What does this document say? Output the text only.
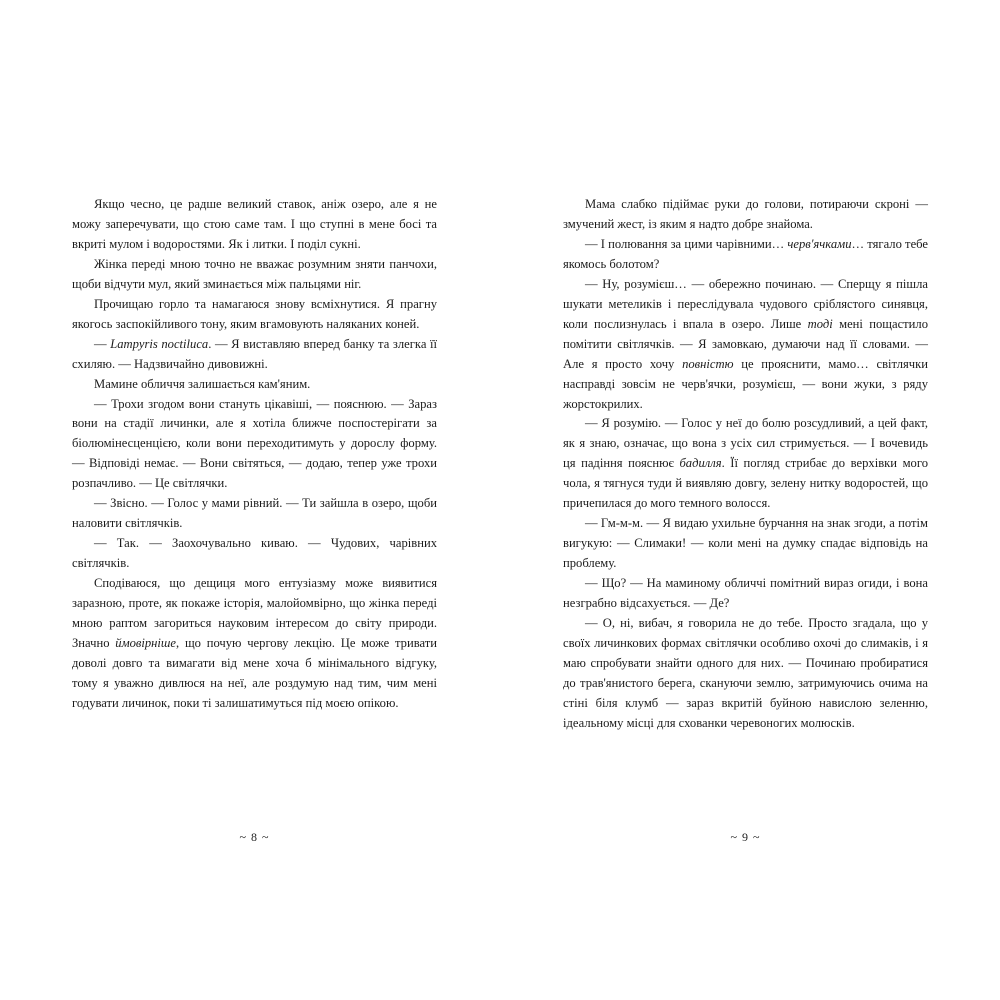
Якщо чесно, це радше великий ставок, аніж озеро, але я не можу заперечувати, що стою саме там. І що ступні в мене босі та вкриті мулом і водоростями. Як і литки. І поділ сукні.

Жінка переді мною точно не вважає розумним зняти панчохи, щоби відчути мул, який зминається між пальцями ніг.

Прочищаю горло та намагаюся знову всміхнутися. Я прагну якогось заспокійливого тону, яким вгамовують наляканих коней.

— Lampyris noctiluca. — Я виставляю вперед банку та злегка її схиляю. — Надзвичайно дивовижні.

Мамине обличчя залишається кам'яним.

— Трохи згодом вони стануть цікавіші, — пояснюю. — Зараз вони на стадії личинки, але я хотіла ближче поспостерігати за біолюмінесценцією, коли вони переходитимуть у дорослу форму. — Відповіді немає. — Вони світяться, — додаю, тепер уже трохи розпачливо. — Це світлячки.

— Звісно. — Голос у мами рівний. — Ти зайшла в озеро, щоби наловити світлячків.

— Так. — Заохочувально киваю. — Чудових, чарівних світлячків.

Сподіваюся, що дещиця мого ентузіазму може виявитися заразною, проте, як покаже історія, малойомвірно, що жінка переді мною раптом загориться науковим інтересом до світу природи. Значно ймовірніше, що почую чергову лекцію. Це може тривати доволі довго та вимагати від мене хоча б мінімального відгуку, тому я уважно дивлюся на неї, але роздумую над тим, чим мені годувати личинок, поки ті залишатимуться під моєю опікою.

~ 8 ~

Мама слабко підіймає руки до голови, потираючи скроні — змучений жест, із яким я надто добре знайома.

— І полювання за цими чарівними… черв'ячками… тягало тебе якомось болотом?

— Ну, розумієш… — обережно починаю. — Сперщу я пішла шукати метеликів і переслідувала чудового сріблястого синявця, коли послизнулась і впала в озеро. Лише тоді мені пощастило помітити світлячків. — Я замовкаю, думаючи над її словами. — Але я просто хочу повністю це прояснити, мамо… світлячки насправді зовсім не черв'ячки, розумієш, — вони жуки, з ряду жорстокрилих.

— Я розумію. — Голос у неї до болю розсудливий, а цей факт, як я знаю, означає, що вона з усіх сил стримується. — І вочевидь ця падіння пояснює бадилля. Її погляд стрибає до верхівки мого чола, я тягнуся туди й виявляю довгу, зелену нитку водоростей, що причепилася до мого темного волосся.

— Гм-м-м. — Я видаю ухильне бурчання на знак згоди, а потім вигукую: — Слимаки! — коли мені на думку спадає відповідь на проблему.

— Що? — На маминому обличчі помітний вираз огиди, і вона незграбно відсахується. — Де?

— О, ні, вибач, я говорила не до тебе. Просто згадала, що у своїх личинкових формах світлячки особливо охочі до слимаків, і я маю спробувати знайти одного для них. — Починаю пробиратися до трав'янистого берега, скануючи землю, затримуючись очима на стіні біля клумб — зараз вкритій буйною навислою зеленню, ідеальному місці для схованки черевоногих молюсків.

~ 9 ~
